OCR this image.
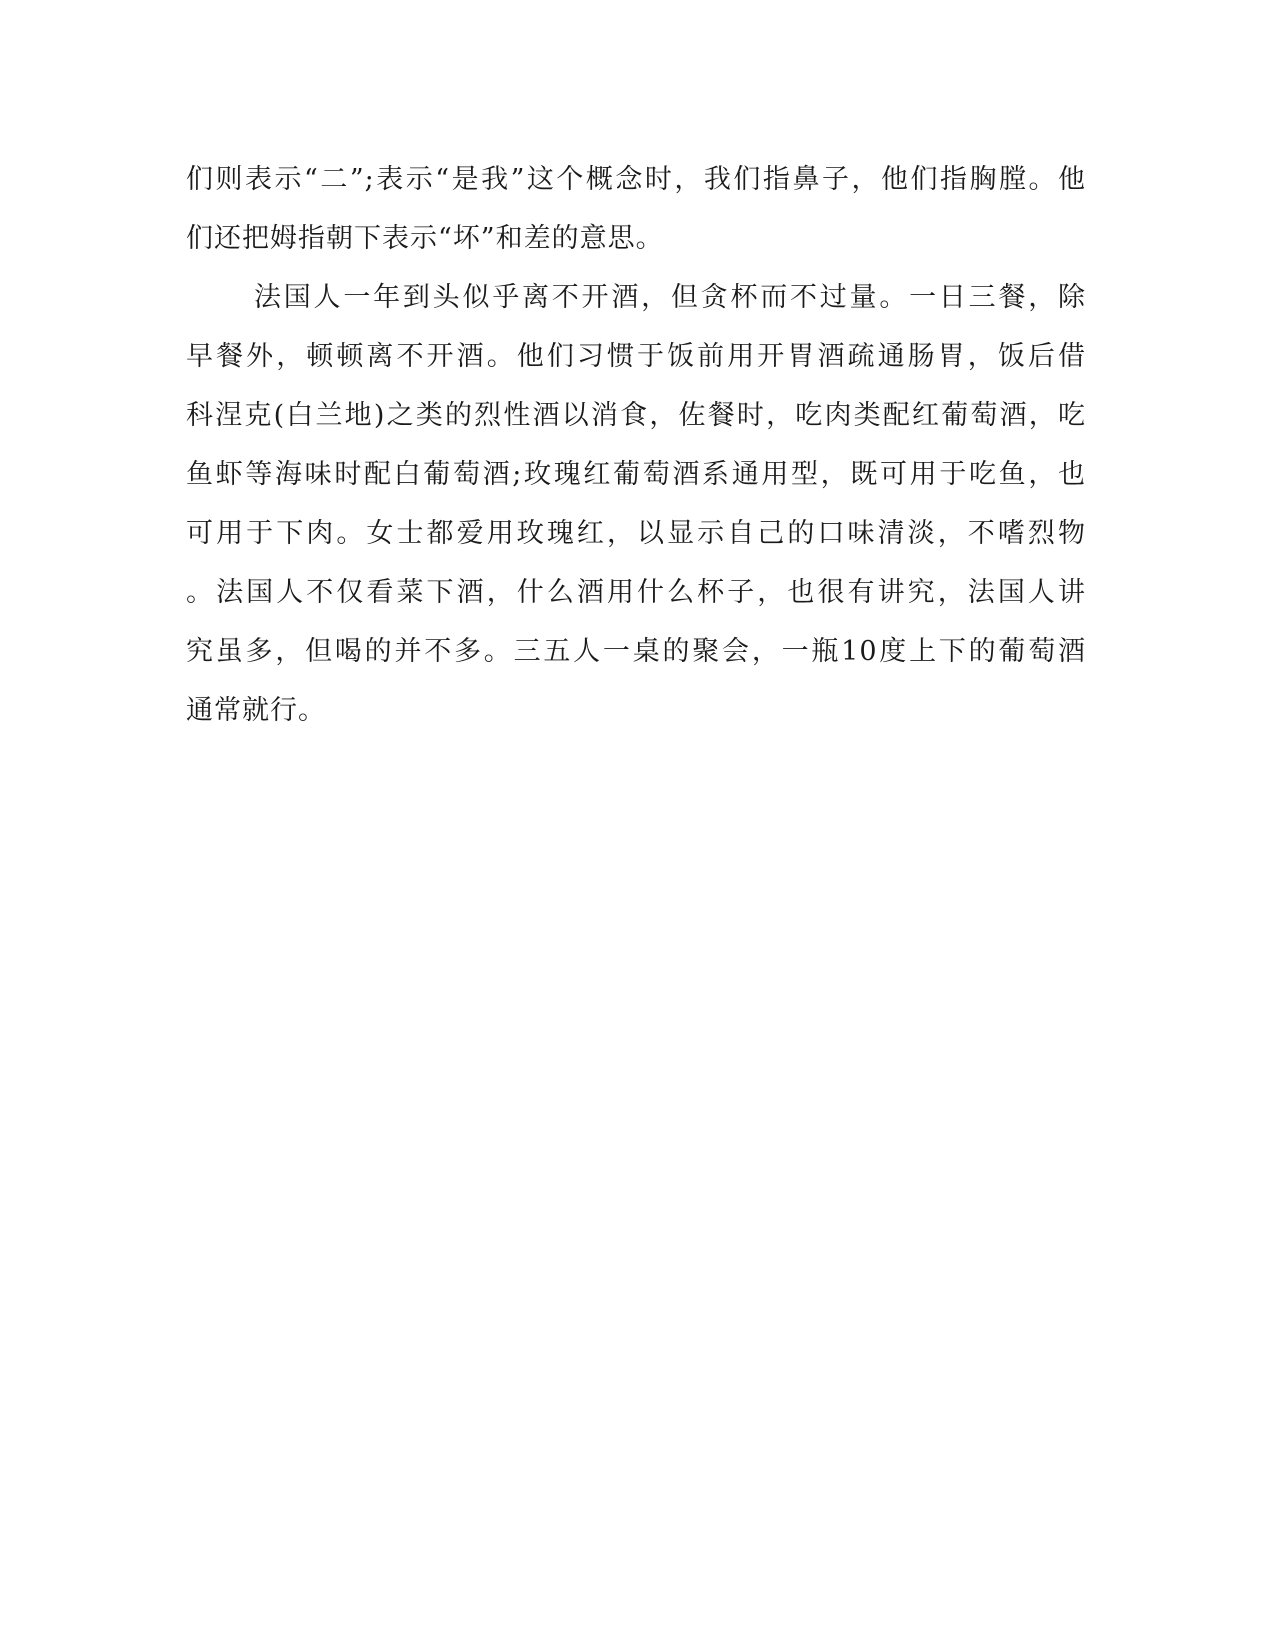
们则表示“二”;表示“是我”这个概念时，我们指鼻子，他们指胸膛。他
们还把姆指朝下表示“坏”和差的意思。
法国人一年到头似乎离不开酒，但贪杯而不过量。一日三餐，除
早餐外，顿顿离不开酒。他们习惯于饭前用开胃酒疏通肠胃，饭后借
科涅克(白兰地)之类的烈性酒以消食，佐餐时，吃肉类配红葡萄酒，吃
鱼虾等海味时配白葡萄酒;玫瑰红葡萄酒系通用型，既可用于吃鱼，也
可用于下肉。女士都爱用玫瑰红，以显示自己的口味清淡，不嗜烈物
。法国人不仅看菜下酒，什么酒用什么杯子，也很有讲究，法国人讲
究虽多，但喝的并不多。三五人一桌的聚会，一瓶10度上下的葡萄酒
通常就行。
